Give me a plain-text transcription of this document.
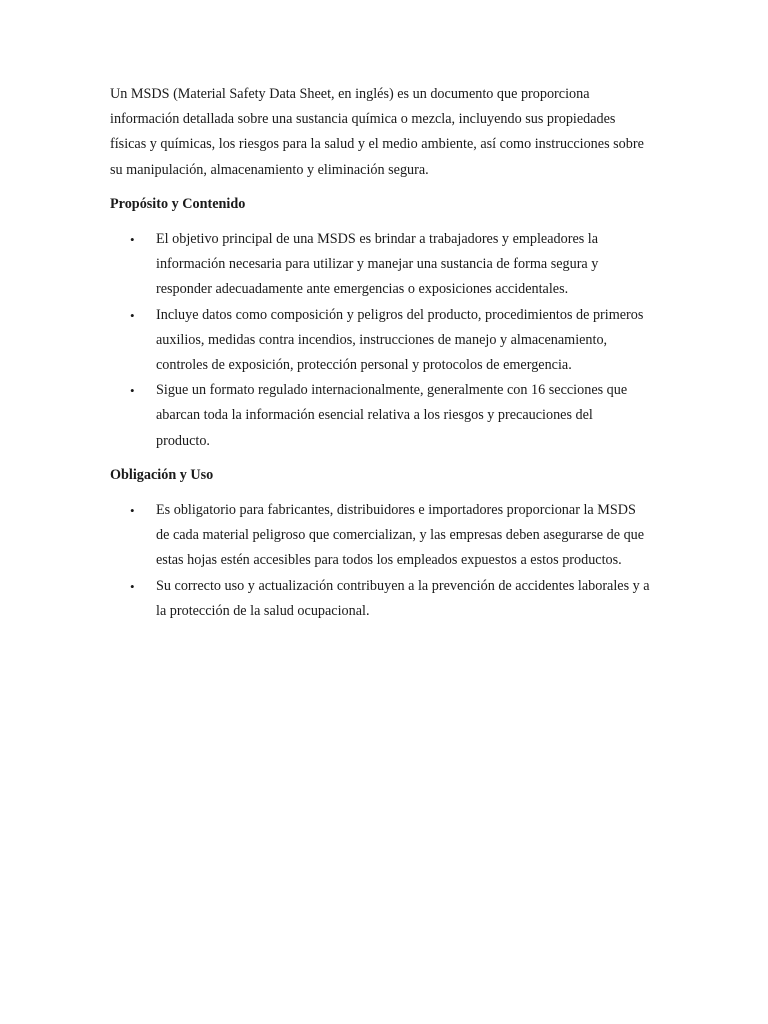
Un MSDS (Material Safety Data Sheet, en inglés) es un documento que proporciona información detallada sobre una sustancia química o mezcla, incluyendo sus propiedades físicas y químicas, los riesgos para la salud y el medio ambiente, así como instrucciones sobre su manipulación, almacenamiento y eliminación segura.

Propósito y Contenido
• El objetivo principal de una MSDS es brindar a trabajadores y empleadores la información necesaria para utilizar y manejar una sustancia de forma segura y responder adecuadamente ante emergencias o exposiciones accidentales.
• Incluye datos como composición y peligros del producto, procedimientos de primeros auxilios, medidas contra incendios, instrucciones de manejo y almacenamiento, controles de exposición, protección personal y protocolos de emergencia.
• Sigue un formato regulado internacionalmente, generalmente con 16 secciones que abarcan toda la información esencial relativa a los riesgos y precauciones del producto.
Obligación y Uso
• Es obligatorio para fabricantes, distribuidores e importadores proporcionar la MSDS de cada material peligroso que comercializan, y las empresas deben asegurarse de que estas hojas estén accesibles para todos los empleados expuestos a estos productos.
• Su correcto uso y actualización contribuyen a la prevención de accidentes laborales y a la protección de la salud ocupacional.
